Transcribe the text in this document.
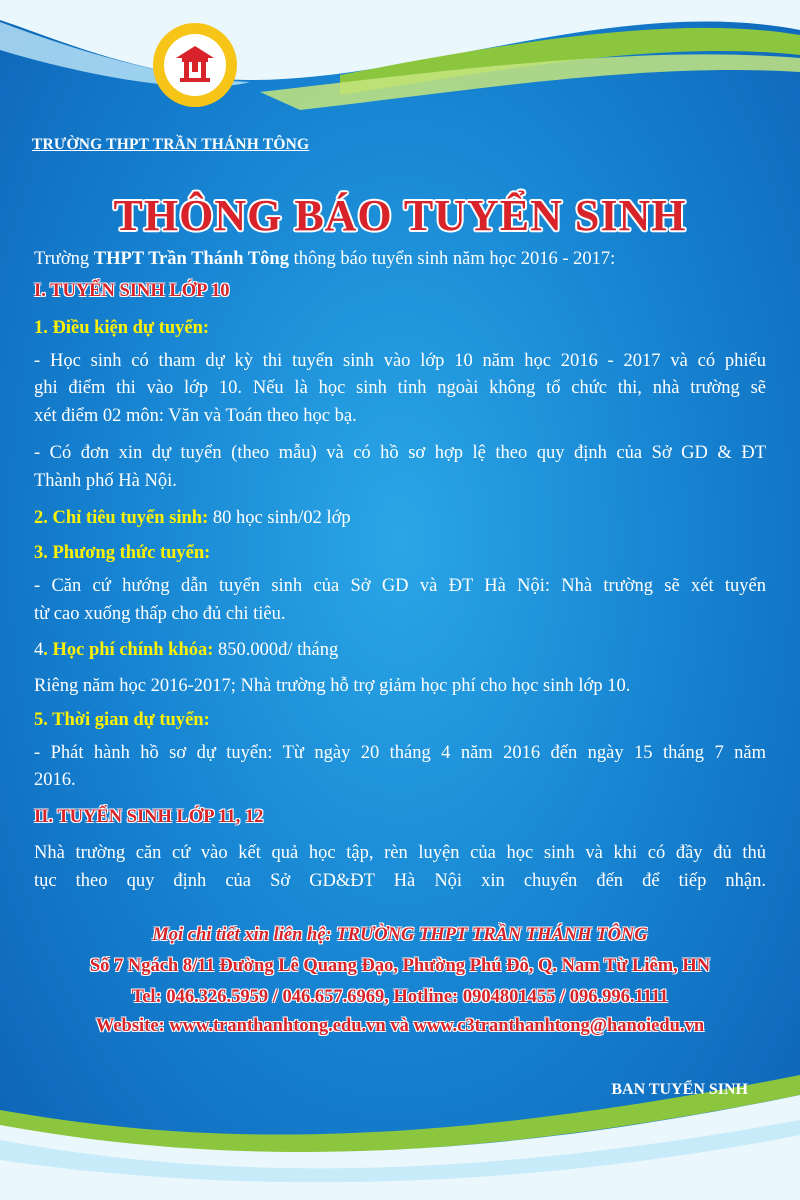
TRƯỜNG THPT TRẦN THÁNH TÔNG
THÔNG BÁO TUYỂN SINH
Trường THPT Trần Thánh Tông thông báo tuyển sinh năm học 2016 - 2017:
I. TUYỂN SINH LỚP 10
1. Điều kiện dự tuyển:
- Học sinh có tham dự kỳ thi tuyển sinh vào lớp 10 năm học 2016 - 2017 và có phiếu
ghi điểm thi vào lớp 10. Nếu là học sinh tỉnh ngoài không tổ chức thi, nhà trường sẽ
xét điểm 02 môn: Văn và Toán theo học bạ.
- Có đơn xin dự tuyển (theo mẫu) và có hồ sơ hợp lệ theo quy định của Sở GD & ĐT
Thành phố Hà Nội.
2. Chỉ tiêu tuyển sinh: 80 học sinh/02 lớp
3. Phương thức tuyển:
- Căn cứ hướng dẫn tuyển sinh của Sở GD và ĐT Hà Nội: Nhà trường sẽ xét tuyển
từ cao xuống thấp cho đủ chi tiêu.
4. Học phí chính khóa: 850.000đ/ tháng
Riêng năm học 2016-2017; Nhà trường hỗ trợ giảm học phí cho học sinh lớp 10.
5. Thời gian dự tuyển:
- Phát hành hồ sơ dự tuyển: Từ ngày 20 tháng 4 năm 2016 đến ngày 15 tháng 7 năm
2016.
II. TUYỂN SINH LỚP 11, 12
Nhà trường căn cứ vào kết quả học tập, rèn luyện của học sinh và khi có đầy đủ thủ
tục theo quy định của Sở GD&ĐT Hà Nội xin chuyển đến để tiếp nhận.
Mọi chi tiết xin liên hệ: TRƯỜNG THPT TRẦN THÁNH TÔNG
Số 7 Ngách 8/11 Đường Lê Quang Đạo, Phường Phú Đô, Q. Nam Từ Liêm, HN
Tel: 046.326.5959 / 046.657.6969, Hotline: 0904801455 / 096.996.1111
Website: www.tranthanhtong.edu.vn và www.c3tranthanhtong@hanoiedu.vn
BAN TUYỂN SINH
